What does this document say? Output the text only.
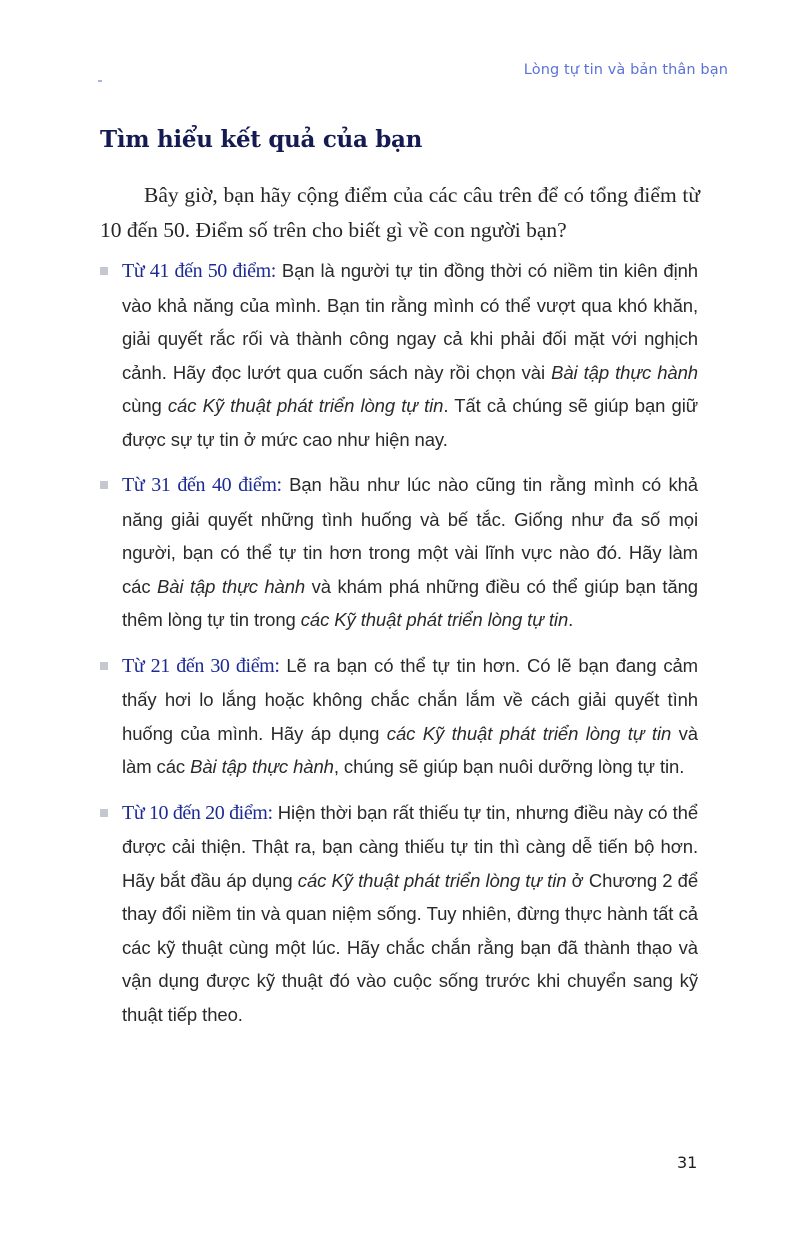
Lòng tự tin và bản thân bạn
Tìm hiểu kết quả của bạn

Bây giờ, bạn hãy cộng điểm của các câu trên để có tổng điểm từ 10 đến 50. Điểm số trên cho biết gì về con người bạn?

Từ 41 đến 50 điểm: Bạn là người tự tin đồng thời có niềm tin kiên định vào khả năng của mình. Bạn tin rằng mình có thể vượt qua khó khăn, giải quyết rắc rối và thành công ngay cả khi phải đối mặt với nghịch cảnh. Hãy đọc lướt qua cuốn sách này rồi chọn vài Bài tập thực hành cùng các Kỹ thuật phát triển lòng tự tin. Tất cả chúng sẽ giúp bạn giữ được sự tự tin ở mức cao như hiện nay.
Từ 31 đến 40 điểm: Bạn hầu như lúc nào cũng tin rằng mình có khả năng giải quyết những tình huống và bế tắc. Giống như đa số mọi người, bạn có thể tự tin hơn trong một vài lĩnh vực nào đó. Hãy làm các Bài tập thực hành và khám phá những điều có thể giúp bạn tăng thêm lòng tự tin trong các Kỹ thuật phát triển lòng tự tin.
Từ 21 đến 30 điểm: Lẽ ra bạn có thể tự tin hơn. Có lẽ bạn đang cảm thấy hơi lo lắng hoặc không chắc chắn lắm về cách giải quyết tình huống của mình. Hãy áp dụng các Kỹ thuật phát triển lòng tự tin và làm các Bài tập thực hành, chúng sẽ giúp bạn nuôi dưỡng lòng tự tin.
Từ 10 đến 20 điểm: Hiện thời bạn rất thiếu tự tin, nhưng điều này có thể được cải thiện. Thật ra, bạn càng thiếu tự tin thì càng dễ tiến bộ hơn. Hãy bắt đầu áp dụng các Kỹ thuật phát triển lòng tự tin ở Chương 2 để thay đổi niềm tin và quan niệm sống. Tuy nhiên, đừng thực hành tất cả các kỹ thuật cùng một lúc. Hãy chắc chắn rằng bạn đã thành thạo và vận dụng được kỹ thuật đó vào cuộc sống trước khi chuyển sang kỹ thuật tiếp theo.
31
